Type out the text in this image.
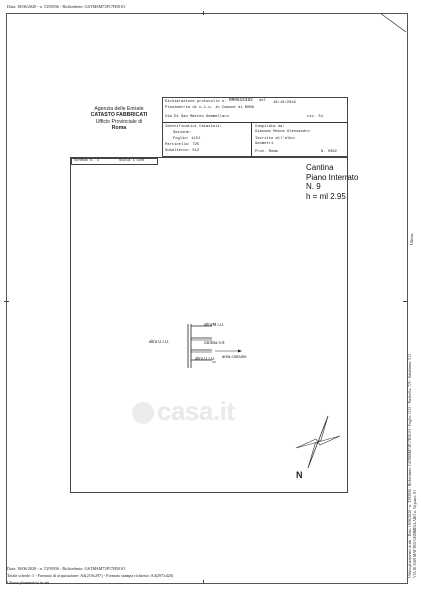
Data: 18/06/2020 - n. T293936 - Richiedente: GSTMSM73P17H501O
Ultima
Ultima planimetria in atti - Data: 18/06/2020 - n. T293936 - Richiedente: GSTMSM73P17H501O - Foglio: 1151 - Particella: 725 - Subalterno: 512 VIA DI SAN MATTEO GEMMELLARO n. 54 piano: S1
Agenzia delle Entrate
CATASTO FABBRICATI
Ufficio Provinciale di
Roma
Dichiarazione protocollo n. RM0615392 del 18/10/2019
Planimetria di u.i.u. in Comune di ROMA
Via Di San Matteo Gemmellaro	civ. 54
Identificativi Catastali:
Sezione:
Foglio: 1151
Particella: 725
Subalterno: 512
Compilata da:
Giacomo Mosca Alessandro
Iscritto all'albo:
Geometri
Prov. Roma	N. 5062
Scheda n. 1	Scala 1:100
Cantina
Piano Interrato
N. 9
h = ml 2.95
altra U.I.U.
altra U.I.U.	cantina n.9
altra U.I.U. area comune
casa.it
N
Data: 18/06/2020 - n. T293936 - Richiedente: GSTMSM73P17H501O
Totale schede: 1 - Formato di acquisizione: A4(210x297) - Formato stampa richiesto: A4(297x420)
Ultima planimetria in atti
